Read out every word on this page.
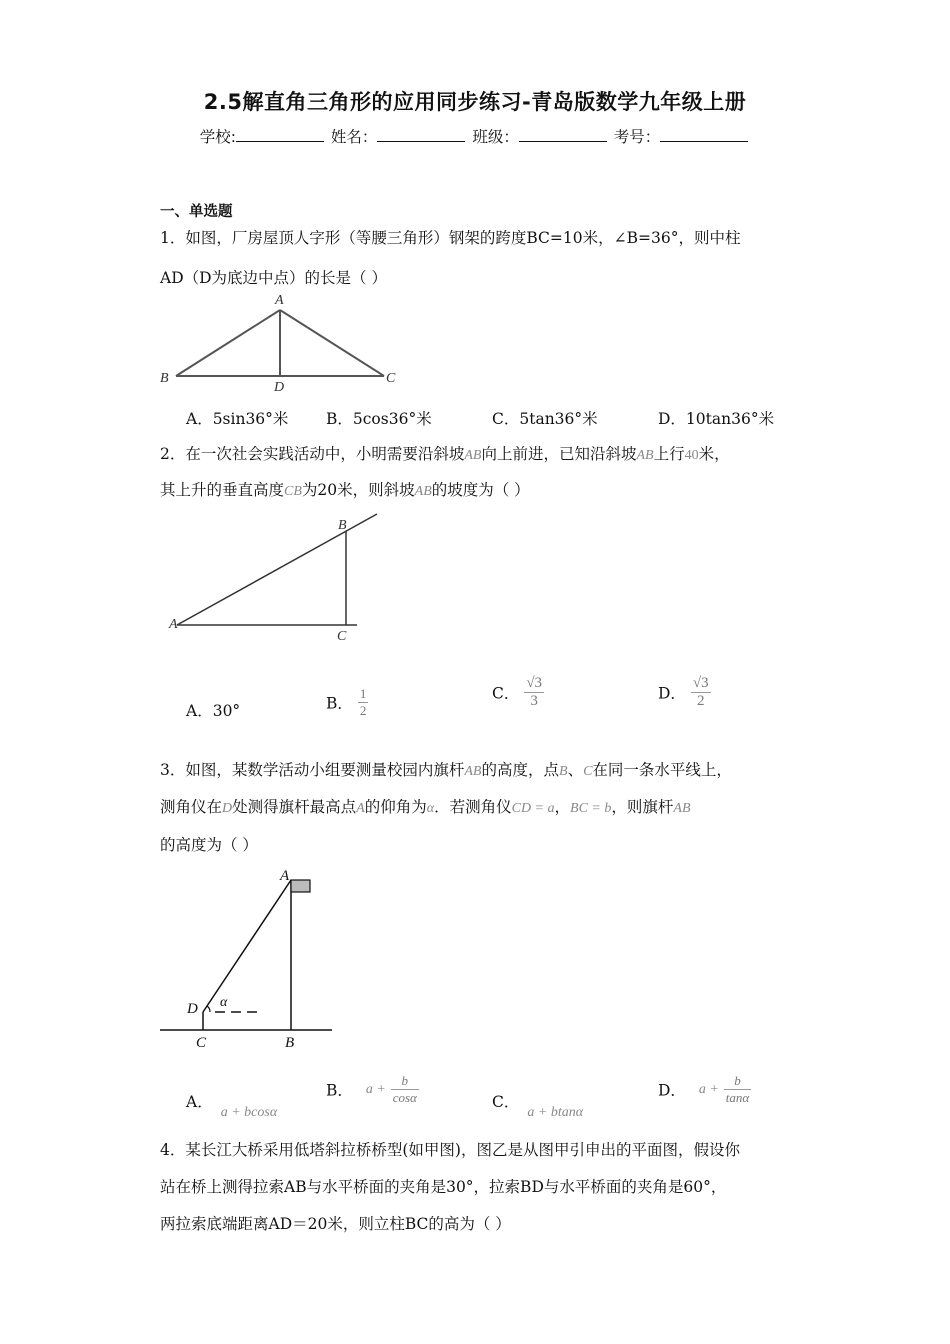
2.5解直角三角形的应用同步练习-青岛版数学九年级上册
学校:	姓名：	班级：	考号：
一、单选题
1．如图，厂房屋顶人字形（等腰三角形）钢架的跨度BC=10米，∠B=36°，则中柱
AD（D为底边中点）的长是（ ）
A
B	C
D
A．5sin36°米 B．5cos36°米	C．5tan36°米	D．10tan36°米
2．在一次社会实践活动中，小明需要沿斜坡AB向上前进，已知沿斜坡AB上行40米，
其上升的垂直高度CB为20米，则斜坡AB的坡度为（ ）
B
A
C
A．30°	B． $\frac{1}{2}$	C． $\frac{√3}{3}$	D． $\frac{√3}{2}$
3．如图，某数学活动小组要测量校园内旗杆AB的高度，点B、C在同一条水平线上，
测角仪在D处测得旗杆最高点A的仰角为α．若测角仪CD = a，BC = b，则旗杆AB
的高度为（ ）
A
D α
C	B
A．a + bcosα
B． $a + \frac{b}{\cos\alpha}$	C．a + btanα
D． $a + \frac{b}{\tan\alpha}$
4．某长江大桥采用低塔斜拉桥桥型(如甲图)，图乙是从图甲引申出的平面图，假设你
站在桥上测得拉索AB与水平桥面的夹角是30°，拉索BD与水平桥面的夹角是60°，
两拉索底端距离AD＝20米，则立柱BC的高为（ ）
